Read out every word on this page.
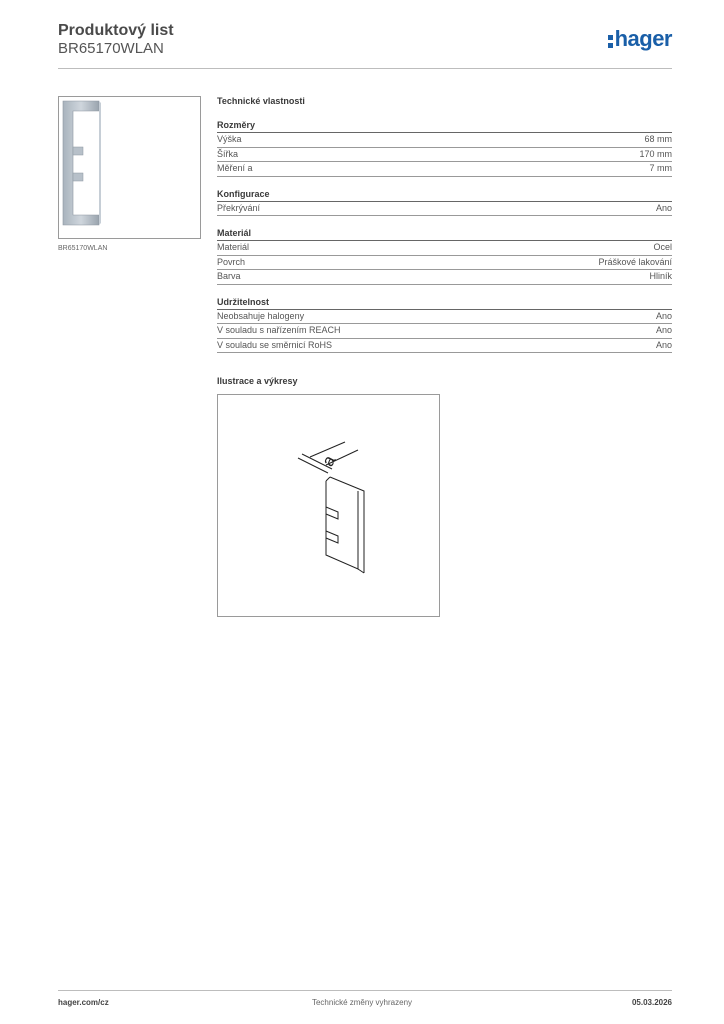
Produktový list
BR65170WLAN	hager
BR65170WLAN
Technické vlastnosti
Rozměry
Výška	68 mm
Šířka	170 mm
Měření a	7 mm
Konfigurace
Překrývání	Ano
Materiál
Materiál	Ocel
Povrch	Práškové lakování
Barva	Hliník
Udržitelnost
Neobsahuje halogeny	Ano
V souladu s nařízením REACH	Ano
V souladu se směrnicí RoHS	Ano
Ilustrace a výkresy
a
hager.com/cz	Technické změny vyhrazeny	05.03.2026
